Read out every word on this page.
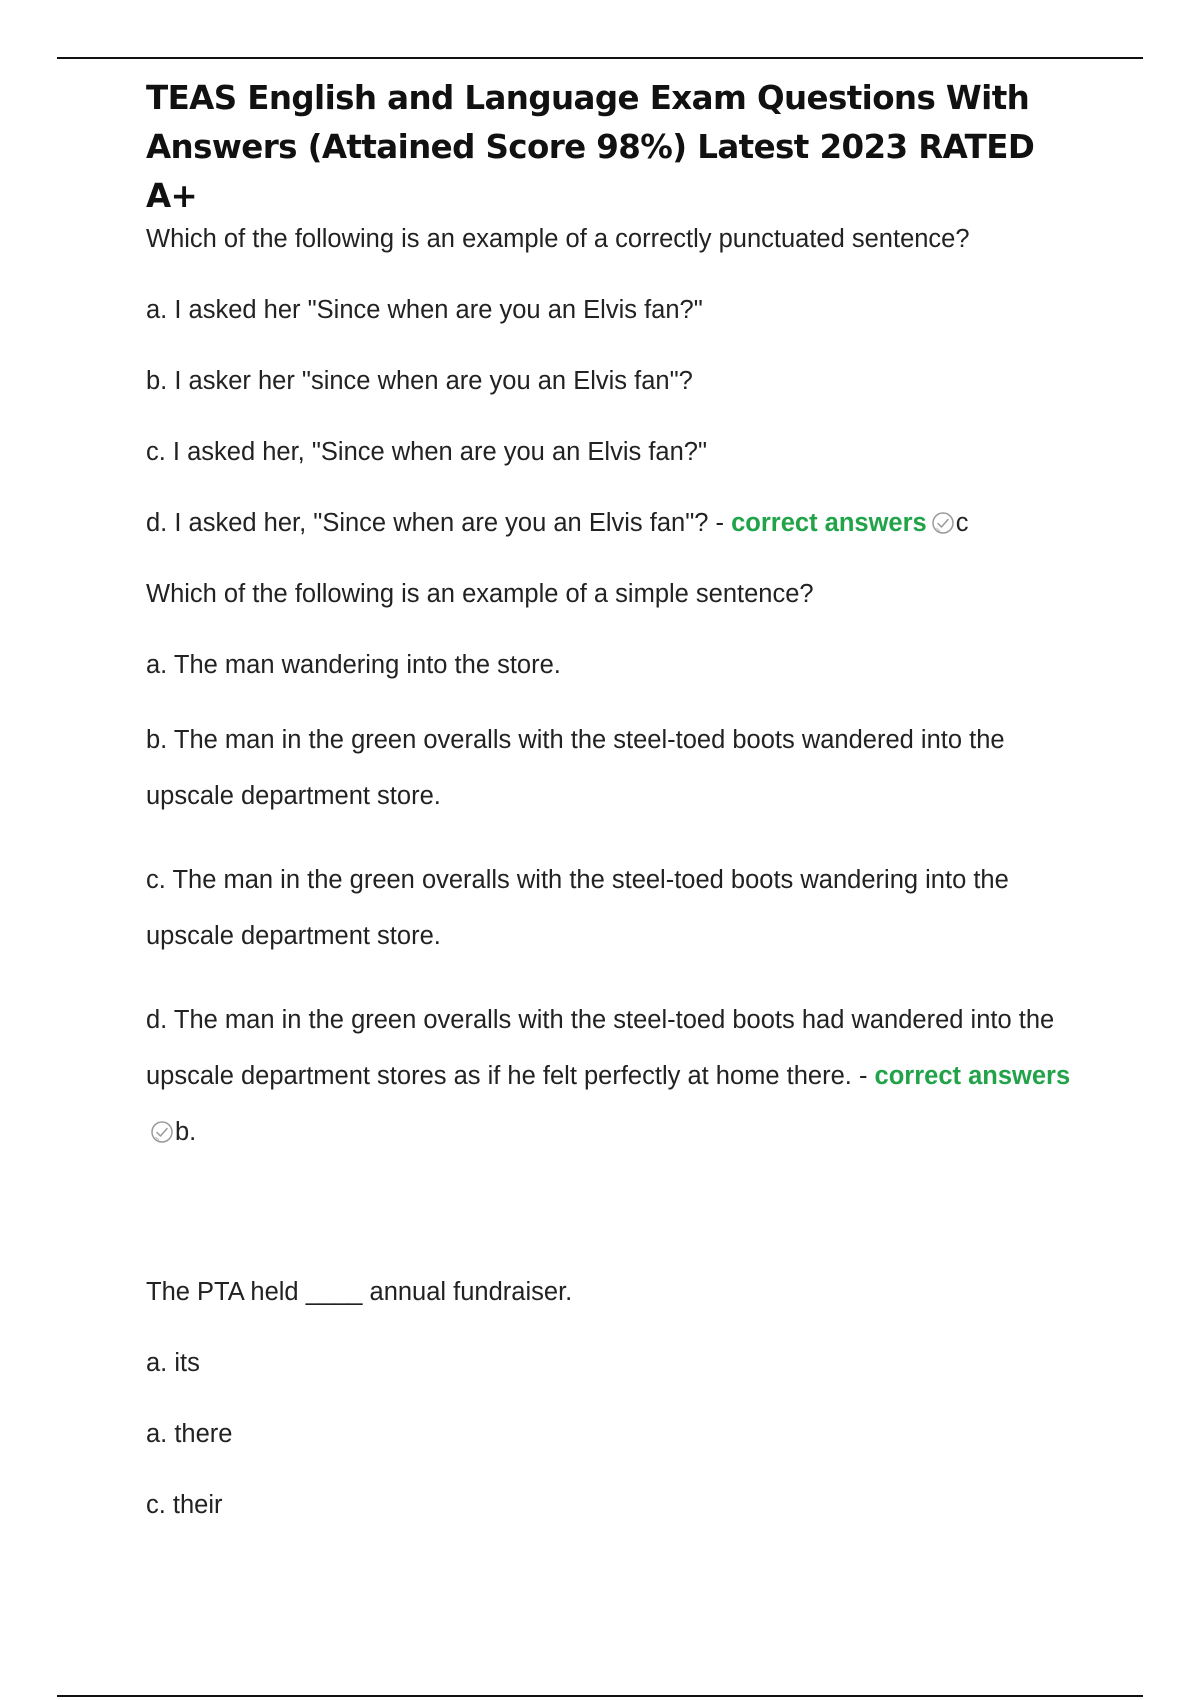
TEAS English and Language Exam Questions With Answers (Attained Score 98%) Latest 2023 RATED A+

Which of the following is an example of a correctly punctuated sentence?

a. I asked her "Since when are you an Elvis fan?"

b. I asker her "since when are you an Elvis fan"?

c. I asked her, "Since when are you an Elvis fan?"

d. I asked her, "Since when are you an Elvis fan"? - correct answers c

Which of the following is an example of a simple sentence?

a. The man wandering into the store.

b. The man in the green overalls with the steel-toed boots wandered into the upscale department store.

c. The man in the green overalls with the steel-toed boots wandering into the upscale department store.

d. The man in the green overalls with the steel-toed boots had wandered into the upscale department stores as if he felt perfectly at home there. - correct answersb.

The PTA held ____ annual fundraiser.

a. its

a. there

c. their
